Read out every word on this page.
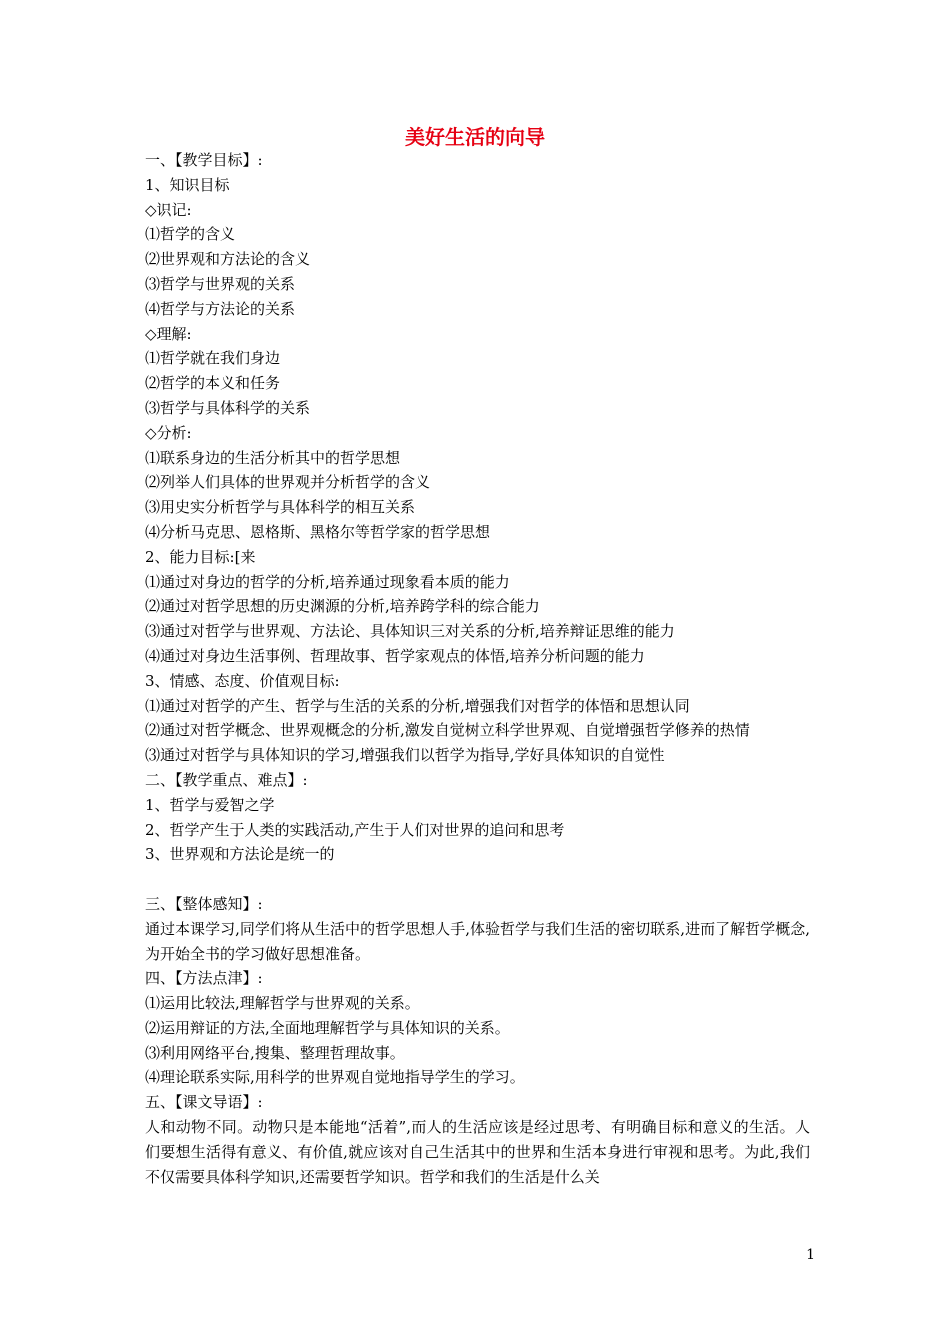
美好生活的向导

一、【教学目标】:

1、知识目标

◇识记:

⑴哲学的含义

⑵世界观和方法论的含义

⑶哲学与世界观的关系

⑷哲学与方法论的关系

◇理解:

⑴哲学就在我们身边

⑵哲学的本义和任务

⑶哲学与具体科学的关系

◇分析:

⑴联系身边的生活分析其中的哲学思想

⑵列举人们具体的世界观并分析哲学的含义

⑶用史实分析哲学与具体科学的相互关系

⑷分析马克思、恩格斯、黑格尔等哲学家的哲学思想

2、能力目标:[来

⑴通过对身边的哲学的分析,培养通过现象看本质的能力

⑵通过对哲学思想的历史渊源的分析,培养跨学科的综合能力

⑶通过对哲学与世界观、方法论、具体知识三对关系的分析,培养辩证思维的能力

⑷通过对身边生活事例、哲理故事、哲学家观点的体悟,培养分析问题的能力

3、情感、态度、价值观目标:

⑴通过对哲学的产生、哲学与生活的关系的分析,增强我们对哲学的体悟和思想认同

⑵通过对哲学概念、世界观概念的分析,激发自觉树立科学世界观、自觉增强哲学修养的热情

⑶通过对哲学与具体知识的学习,增强我们以哲学为指导,学好具体知识的自觉性

二、【教学重点、难点】:

1、哲学与爱智之学

2、哲学产生于人类的实践活动,产生于人们对世界的追问和思考

3、世界观和方法论是统一的

三、【整体感知】:

通过本课学习,同学们将从生活中的哲学思想人手,体验哲学与我们生活的密切联系,进而了解哲学概念,为开始全书的学习做好思想准备。

四、【方法点津】:

⑴运用比较法,理解哲学与世界观的关系。

⑵运用辩证的方法,全面地理解哲学与具体知识的关系。

⑶利用网络平台,搜集、整理哲理故事。

⑷理论联系实际,用科学的世界观自觉地指导学生的学习。

五、【课文导语】:

人和动物不同。动物只是本能地“活着”,而人的生活应该是经过思考、有明确目标和意义的生活。人们要想生活得有意义、有价值,就应该对自己生活其中的世界和生活本身进行审视和思考。为此,我们不仅需要具体科学知识,还需要哲学知识。哲学和我们的生活是什么关

1
